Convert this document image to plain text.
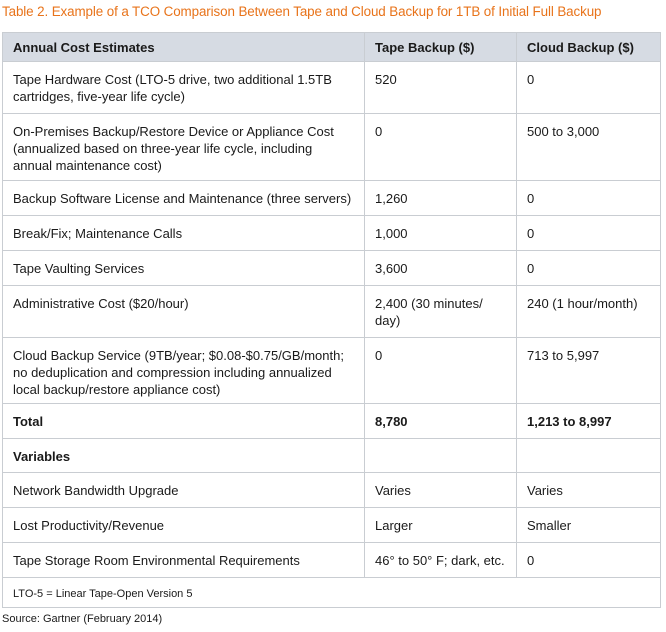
Table 2. Example of a TCO Comparison Between Tape and Cloud Backup for 1TB of Initial Full Backup
Annual Cost Estimates	Tape Backup ($)	Cloud Backup ($)

Tape Hardware Cost (LTO-5 drive, two additional 1.5TB cartridges, five-year life cycle)	520	0

On-Premises Backup/Restore Device or Appliance Cost (annualized based on three-year life cycle, including annual maintenance cost)	0	500 to 3,000

Backup Software License and Maintenance (three servers)	1,260	0

Break/Fix; Maintenance Calls	1,000	0

Tape Vaulting Services	3,600	0

Administrative Cost ($20/hour)	2,400 (30 minutes/ day)	240 (1 hour/month)

Cloud Backup Service (9TB/year; $0.08-$0.75/GB/month; no deduplication and compression including annualized local backup/restore appliance cost)	0	713 to 5,997

Total	8,780	1,213 to 8,997

Variables		

Network Bandwidth Upgrade	Varies	Varies

Lost Productivity/Revenue	Larger	Smaller

Tape Storage Room Environmental Requirements	46° to 50° F; dark, etc.	0

LTO-5 = Linear Tape-Open Version 5		
Source: Gartner (February 2014)
